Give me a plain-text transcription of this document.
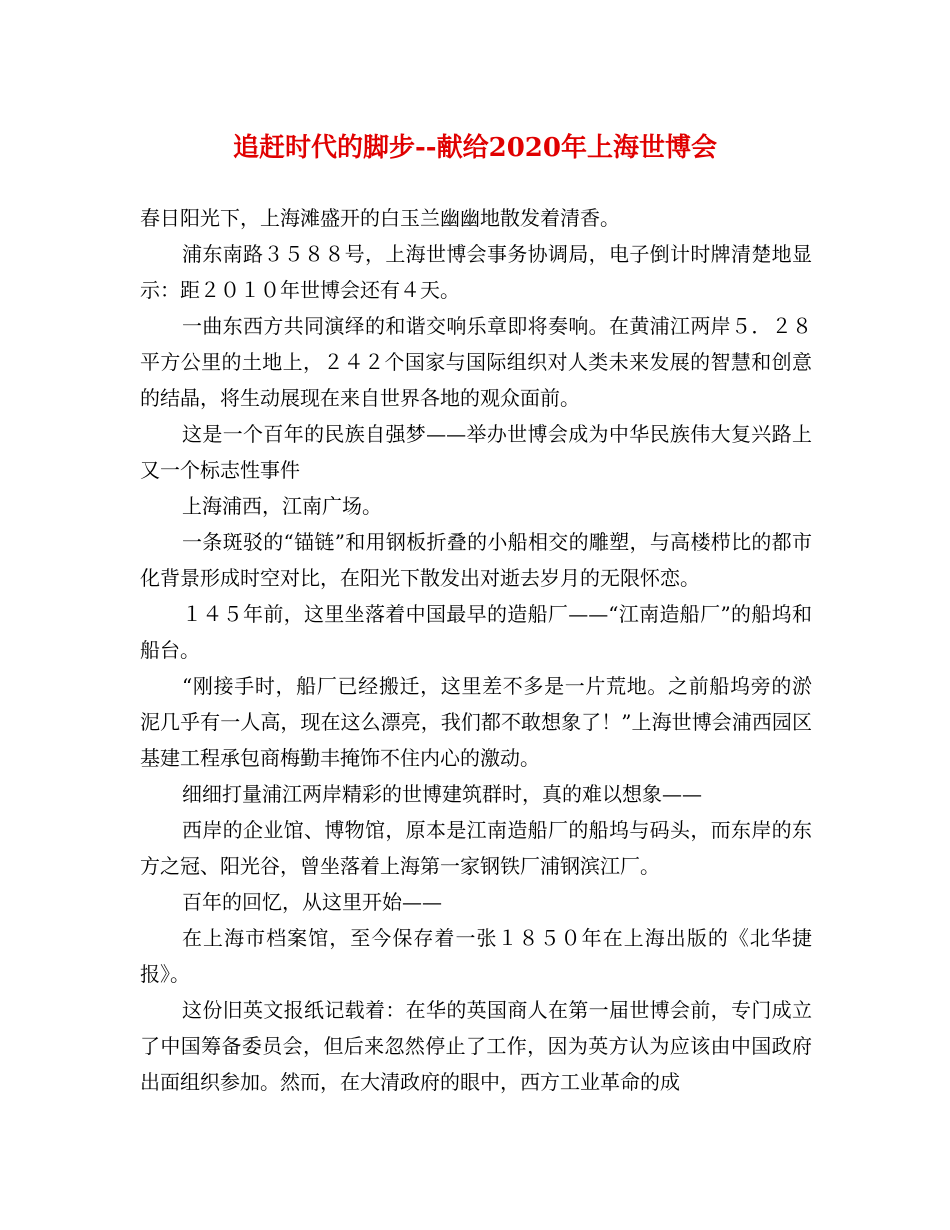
追赶时代的脚步--献给2020年上海世博会

春日阳光下，上海滩盛开的白玉兰幽幽地散发着清香。

浦东南路３５８８号，上海世博会事务协调局，电子倒计时牌清楚地显示：距２０１０年世博会还有４天。

一曲东西方共同演绎的和谐交响乐章即将奏响。在黄浦江两岸５．２８平方公里的土地上，２４２个国家与国际组织对人类未来发展的智慧和创意的结晶，将生动展现在来自世界各地的观众面前。

这是一个百年的民族自强梦——举办世博会成为中华民族伟大复兴路上又一个标志性事件

上海浦西，江南广场。

一条斑驳的“锚链”和用钢板折叠的小船相交的雕塑，与高楼栉比的都市化背景形成时空对比，在阳光下散发出对逝去岁月的无限怀恋。

１４５年前，这里坐落着中国最早的造船厂——“江南造船厂”的船坞和船台。

“刚接手时，船厂已经搬迁，这里差不多是一片荒地。之前船坞旁的淤泥几乎有一人高，现在这么漂亮，我们都不敢想象了！”上海世博会浦西园区基建工程承包商梅勤丰掩饰不住内心的激动。

细细打量浦江两岸精彩的世博建筑群时，真的难以想象——

西岸的企业馆、博物馆，原本是江南造船厂的船坞与码头，而东岸的东方之冠、阳光谷，曾坐落着上海第一家钢铁厂浦钢滨江厂。

百年的回忆，从这里开始——

在上海市档案馆，至今保存着一张１８５０年在上海出版的《北华捷报》。

这份旧英文报纸记载着：在华的英国商人在第一届世博会前，专门成立了中国筹备委员会，但后来忽然停止了工作，因为英方认为应该由中国政府出面组织参加。然而，在大清政府的眼中，西方工业革命的成
